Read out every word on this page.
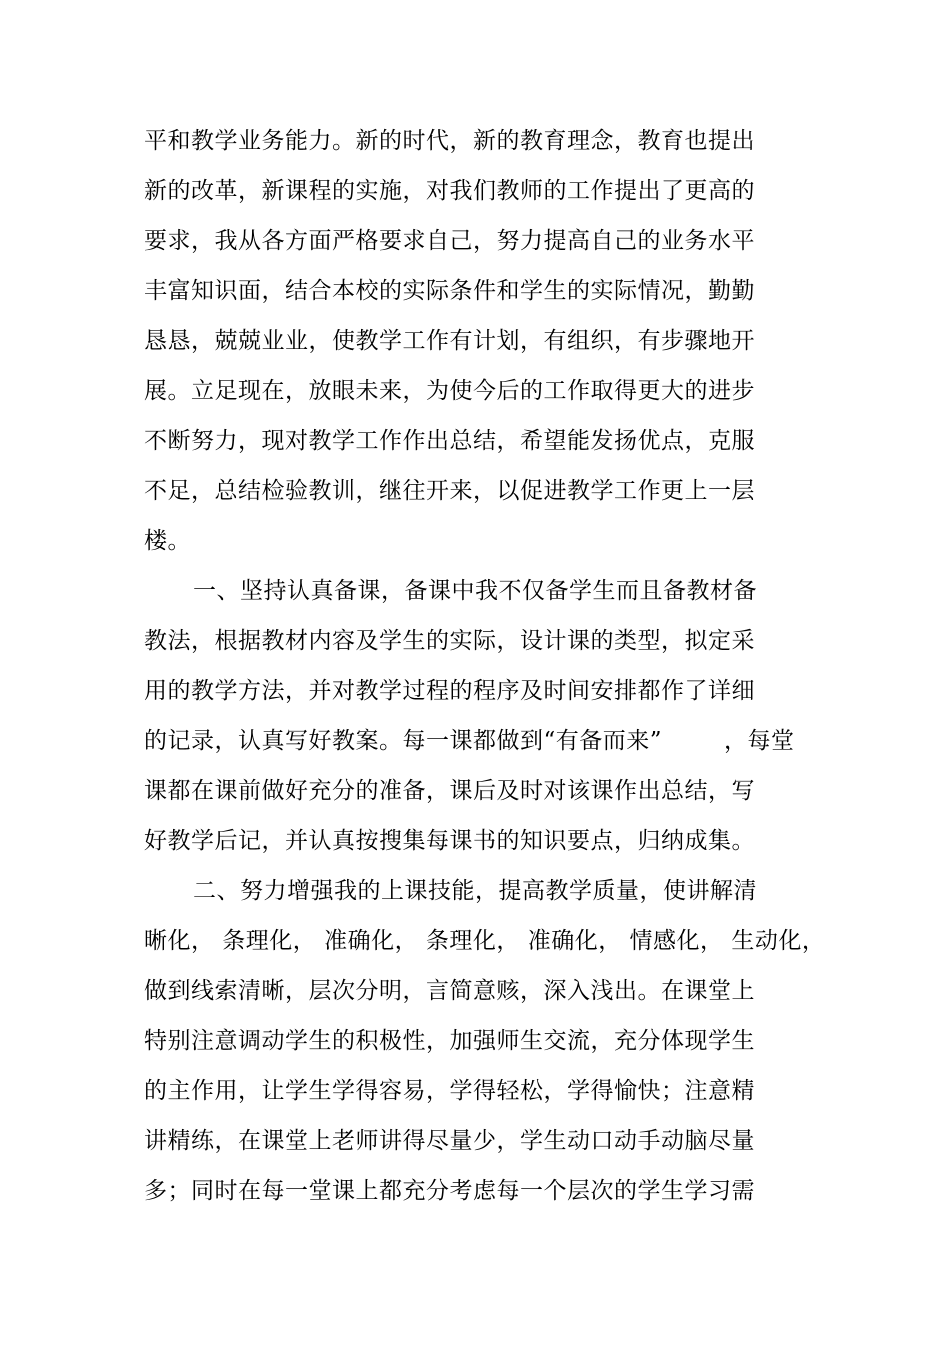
平和教学业务能力。新的时代，新的教育理念，教育也提出
新的改革，新课程的实施，对我们教师的工作提出了更高的
要求，我从各方面严格要求自己，努力提高自己的业务水平
丰富知识面，结合本校的实际条件和学生的实际情况，勤勤
恳恳，兢兢业业，使教学工作有计划，有组织，有步骤地开
展。立足现在，放眼未来，为使今后的工作取得更大的进步
不断努力，现对教学工作作出总结，希望能发扬优点，克服
不足，总结检验教训，继往开来，以促进教学工作更上一层
楼。
一、坚持认真备课，备课中我不仅备学生而且备教材备
教法，根据教材内容及学生的实际，设计课的类型，拟定采
用的教学方法，并对教学过程的程序及时间安排都作了详细
的记录，认真写好教案。每一课都做到“有备而来”	，每堂
课都在课前做好充分的准备，课后及时对该课作出总结，写
好教学后记，并认真按搜集每课书的知识要点，归纳成集。
二、努力增强我的上课技能，提高教学质量，使讲解清
晰化， 条理化， 准确化， 条理化， 准确化， 情感化， 生动化，
做到线索清晰，层次分明，言简意赅，深入浅出。在课堂上
特别注意调动学生的积极性，加强师生交流，充分体现学生
的主作用，让学生学得容易，学得轻松，学得愉快；注意精
讲精练，在课堂上老师讲得尽量少，学生动口动手动脑尽量
多；同时在每一堂课上都充分考虑每一个层次的学生学习需
